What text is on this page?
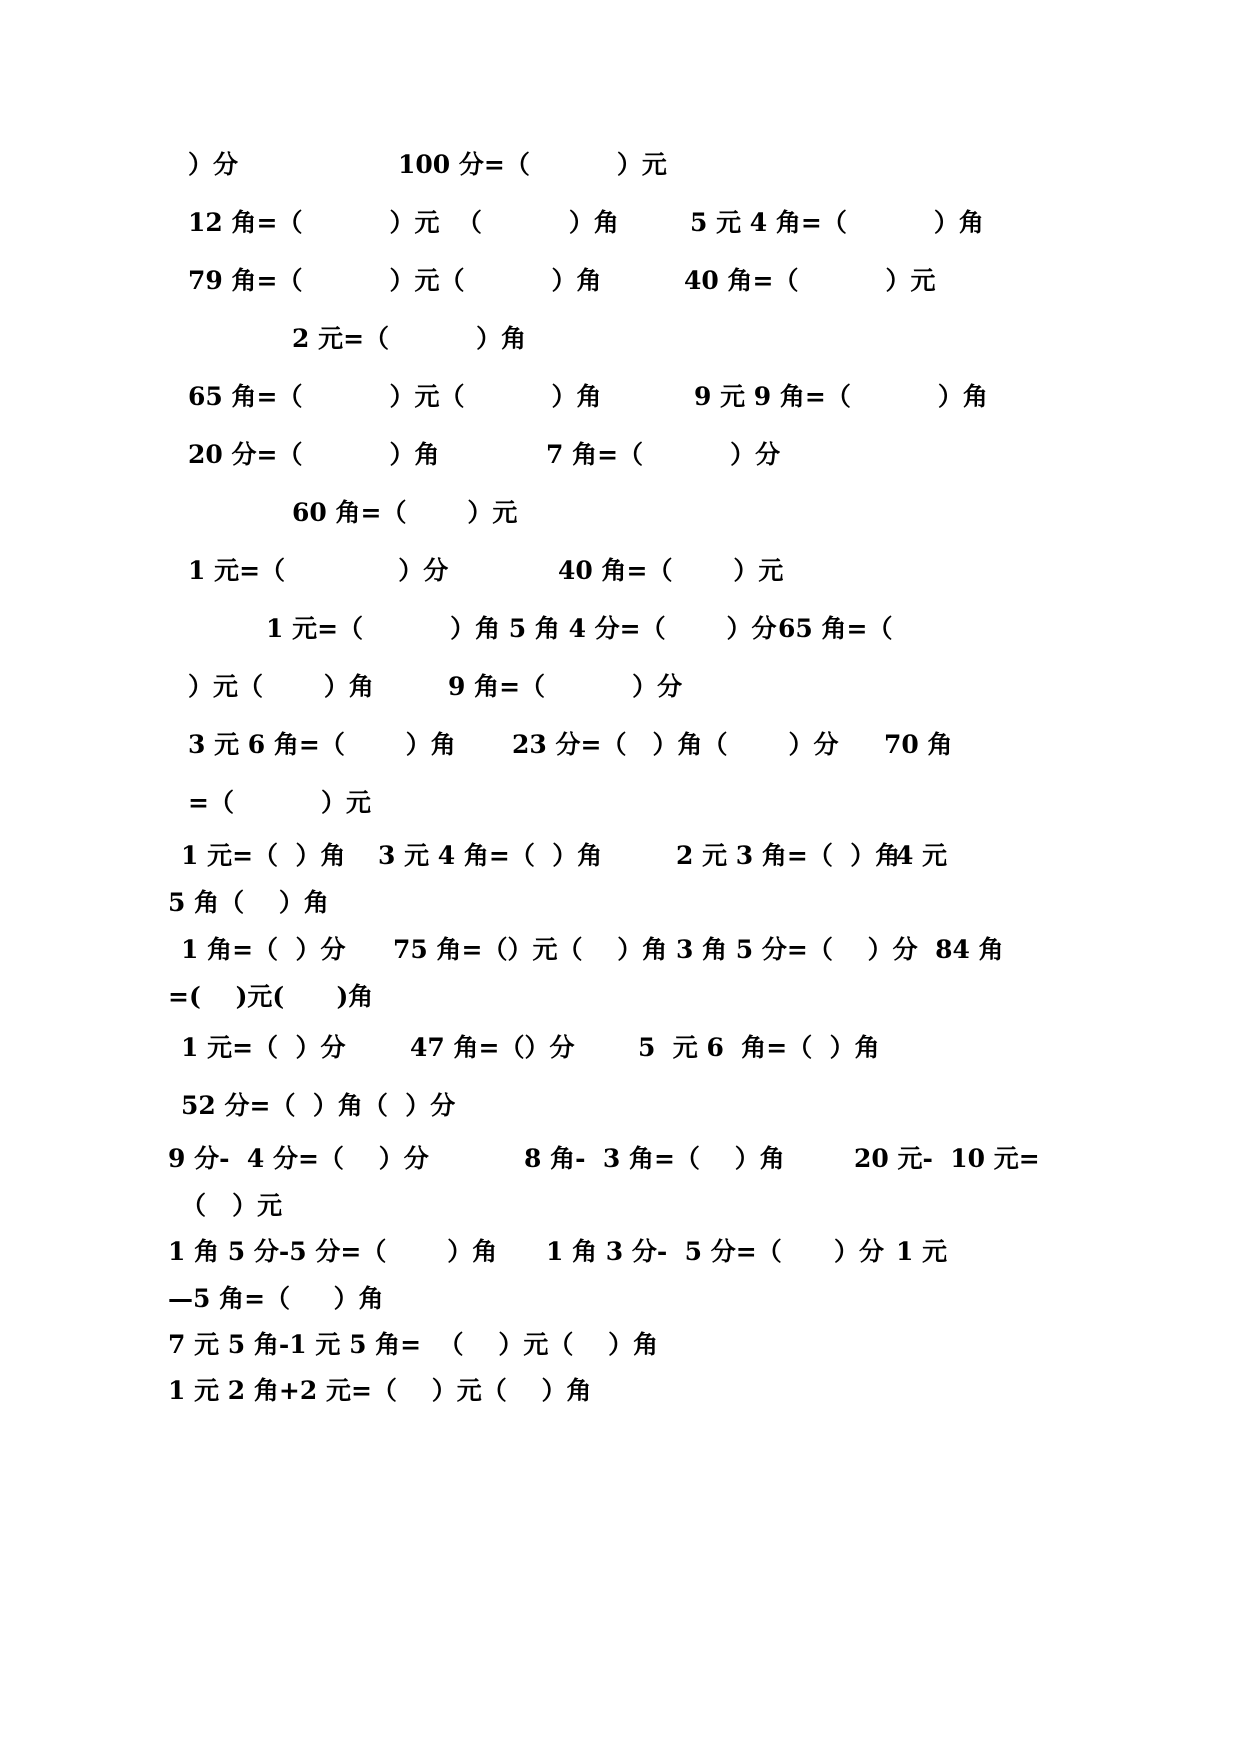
）分	100 分=（          ）元
12 角=（          ）元  （          ）角	5 元 4 角=（          ）角
79 角=（          ）元（          ）角	40 角=（          ）元
2 元=（          ）角
65 角=（          ）元（          ）角	9 元 9 角=（          ）角
20 分=（          ）角	7 角=（          ）分
60 角=（       ）元
1 元=（             ）分	40 角=（       ）元
1 元=（          ）角 5 角 4 分=（       ）分 65 角=（
）元（       ）角	9 角=（          ）分
3 元 6 角=（       ）角 23 分=（   ）角（       ）分 70 角
=（          ）元
1 元=（  ）角 3 元 4 角=（  ）角	2 元 3 角=（  ）角
4 元
5 角（    ）角
1 角=（  ）分 75 角=（）元（    ）角 3 角 5 分=（    ）分  84 角
=(    )元(      )角
1 元=（  ）分	47 角=（）分	5  元 6  角=（  ）角
52 分=（  ）角（  ）分
9 分-  4 分=（    ）分	8 角-  3 角=（    ）角	20 元-  10 元=
（   ）元
1 角 5 分-5 分=（       ）角 1 角 3 分-  5 分=（      ）分 1 元
—5 角=（     ）角
7 元 5 角-1 元 5 角=  （    ）元（    ）角
1 元 2 角+2 元=（    ）元（    ）角
